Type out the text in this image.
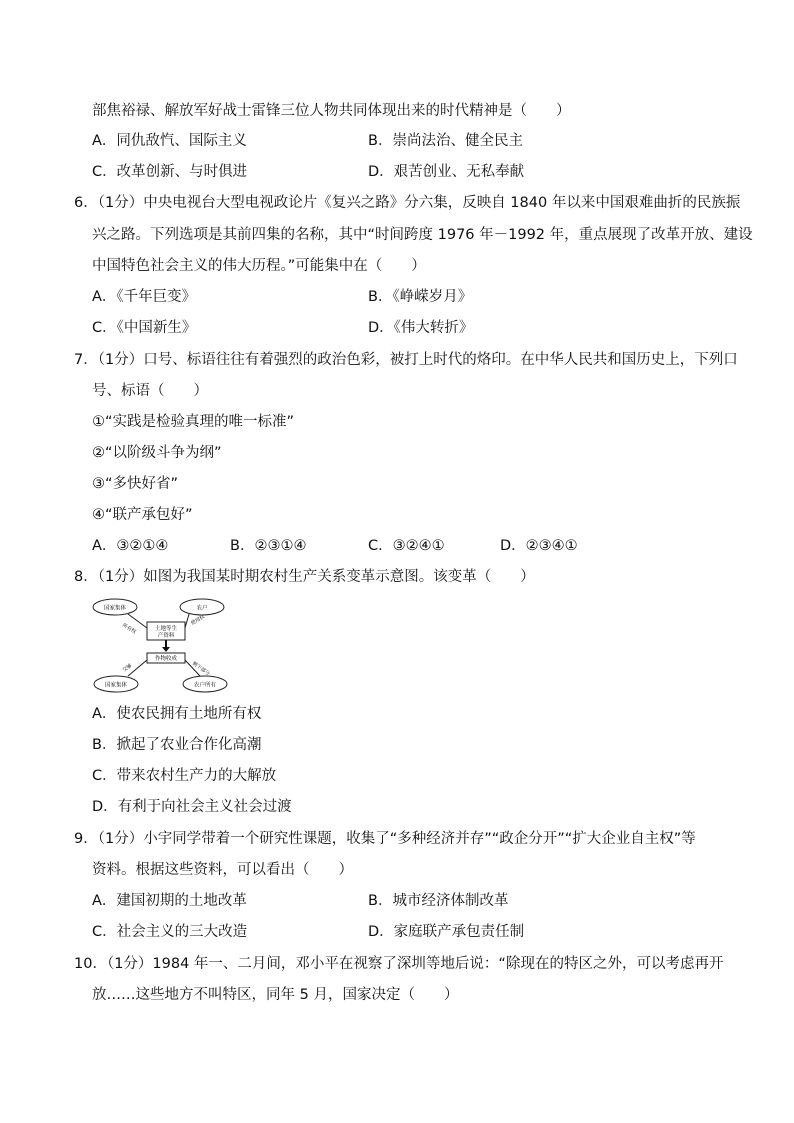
部焦裕禄、解放军好战士雷锋三位人物共同体现出来的时代精神是（　　）
A．同仇敌忾、国际主义	B．崇尚法治、健全民主
C．改革创新、与时俱进	D．艰苦创业、无私奉献
6．（1分）中央电视台大型电视政论片《复兴之路》分六集，反映自 1840 年以来中国艰难曲折的民族振
兴之路。下列选项是其前四集的名称，其中“时间跨度 1976 年－1992 年，重点展现了改革开放、建设
中国特色社会主义的伟大历程。”可能集中在（　　）
A．《千年巨变》	B．《峥嵘岁月》
C．《中国新生》	D．《伟大转折》
7．（1分）口号、标语往往有着强烈的政治色彩，被打上时代的烙印。在中华人民共和国历史上，下列口
号、标语（　　）
①“实践是检验真理的唯一标准”
②“以阶级斗争为纲”
③“多快好省”
④“联产承包好”
A．③②①④	B．②③①④	C．③②④①	D．②③④①
8．（1分）如图为我国某时期农村生产关系变革示意图。该变革（　　）
国家集体	农户
土地等生
产资料
所有权
使用权
作物收成
交够	剩下部分
国家集体	农户所有
A．使农民拥有土地所有权
B．掀起了农业合作化高潮
C．带来农村生产力的大解放
D．有利于向社会主义社会过渡
9．（1分）小宇同学带着一个研究性课题，收集了“多种经济并存”“政企分开”“扩大企业自主权”等
资料。根据这些资料，可以看出（　　）
A．建国初期的土地改革	B．城市经济体制改革
C．社会主义的三大改造	D．家庭联产承包责任制
10．（1分）1984 年一、二月间，邓小平在视察了深圳等地后说：“除现在的特区之外，可以考虑再开
放……这些地方不叫特区，同年 5 月，国家决定（　　）
